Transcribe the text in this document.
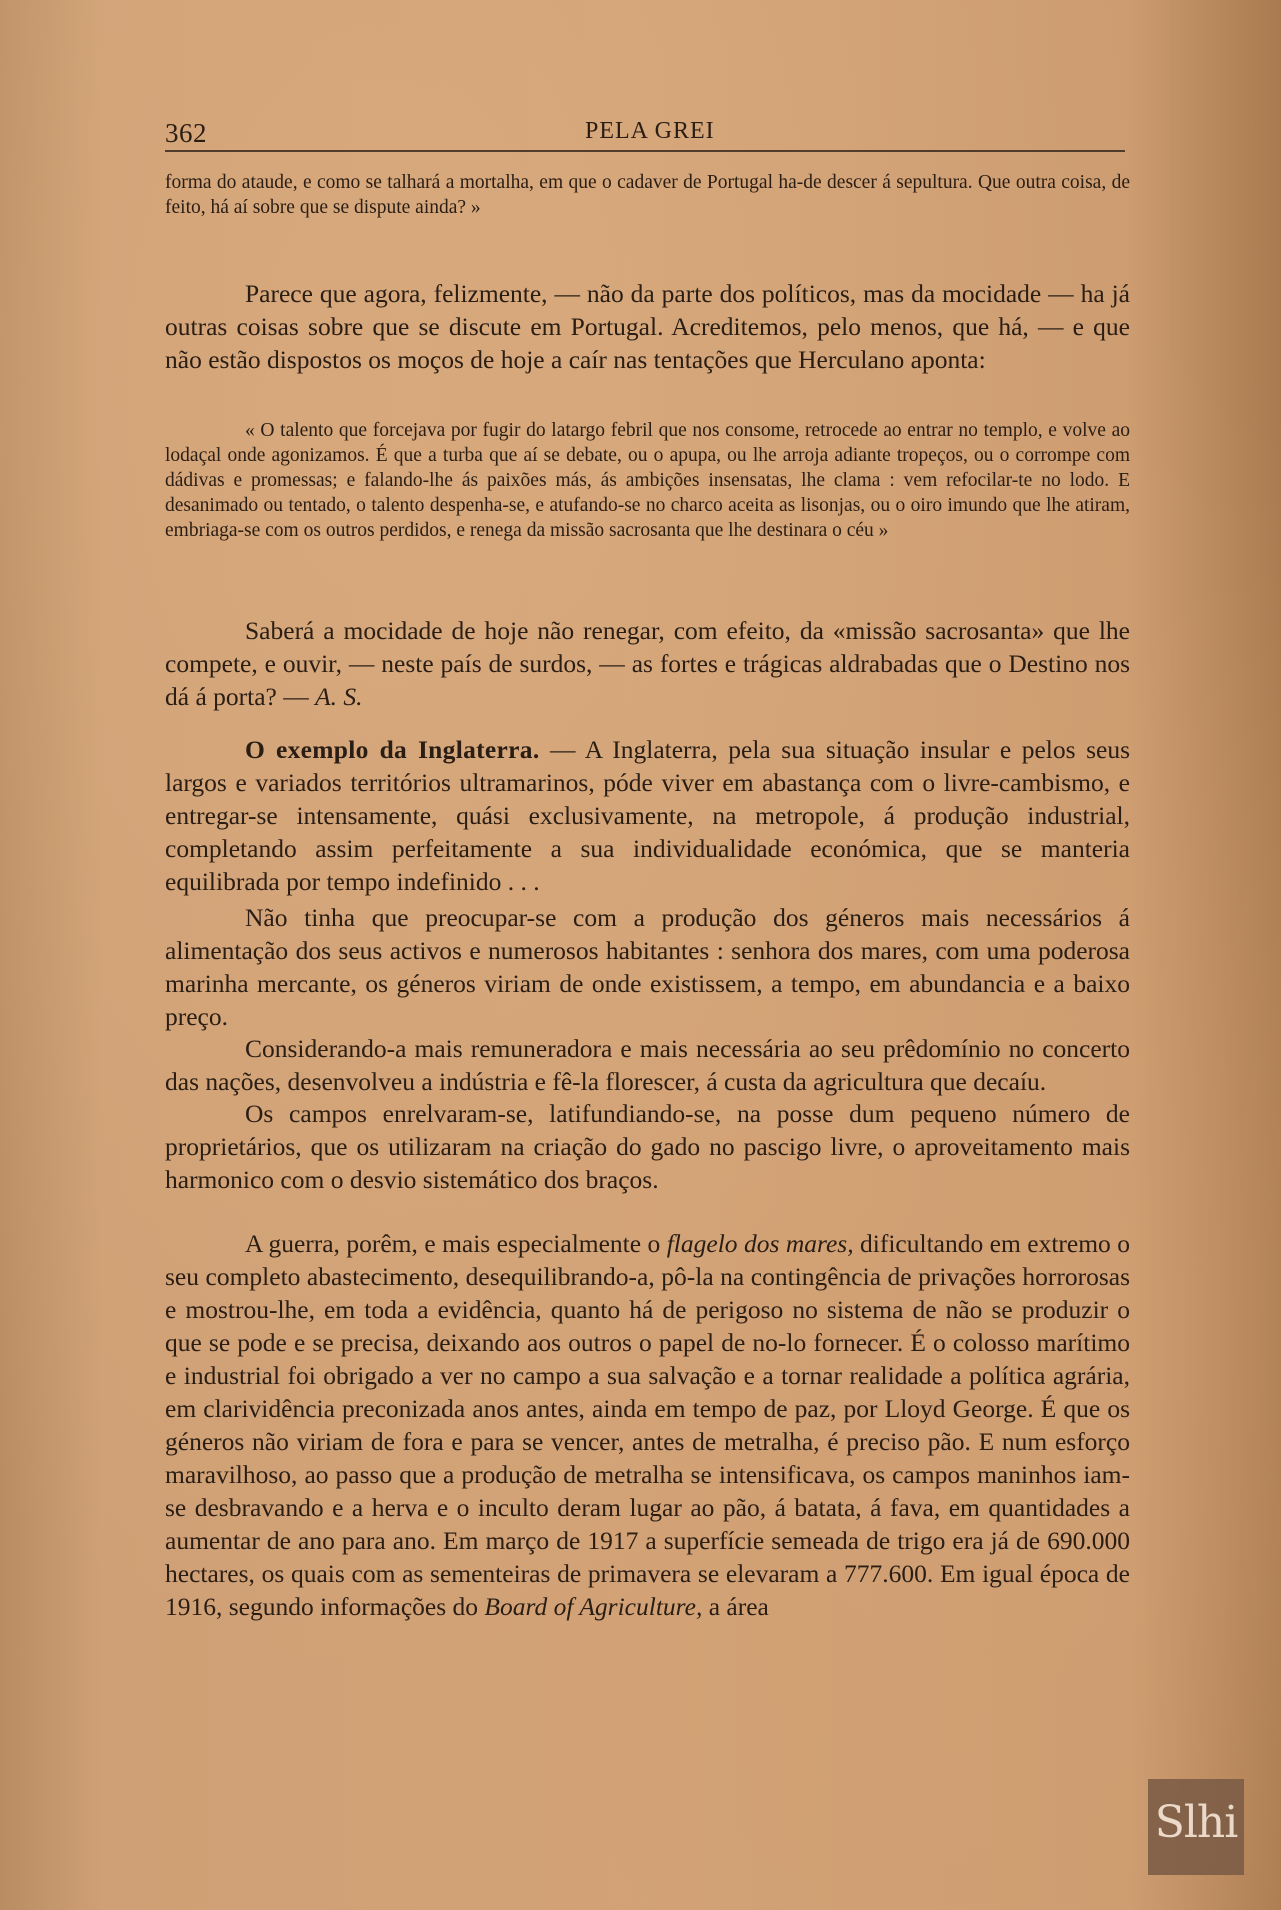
362	PELA GREI

forma do ataude, e como se talhará a mortalha, em que o cadaver de Portugal ha-de descer á sepultura. Que outra coisa, de feito, há aí sobre que se dispute ainda? »

Parece que agora, felizmente, — não da parte dos políticos, mas da mocidade — ha já outras coisas sobre que se discute em Portugal. Acreditemos, pelo menos, que há, — e que não estão dispostos os moços de hoje a caír nas tentações que Herculano aponta:

« O talento que forcejava por fugir do latargo febril que nos consome, retrocede ao entrar no templo, e volve ao lodaçal onde agonizamos. É que a turba que aí se debate, ou o apupa, ou lhe arroja adiante tropeços, ou o corrompe com dádivas e promessas; e falando-lhe ás paixões más, ás ambições insensatas, lhe clama : vem refocilar-te no lodo. E desanimado ou tentado, o talento despenha-se, e atufando-se no charco aceita as lisonjas, ou o oiro imundo que lhe atiram, embriaga-se com os outros perdidos, e renega da missão sacrosanta que lhe destinara o céu »

Saberá a mocidade de hoje não renegar, com efeito, da «missão sacrosanta» que lhe compete, e ouvir, — neste país de surdos, — as fortes e trágicas aldrabadas que o Destino nos dá á porta? — A. S.

O exemplo da Inglaterra. — A Inglaterra, pela sua situação insular e pelos seus largos e variados territórios ultramarinos, póde viver em abastança com o livre-cambismo, e entregar-se intensamente, quási exclusivamente, na metropole, á produção industrial, completando assim perfeitamente a sua individualidade económica, que se manteria equilibrada por tempo indefinido . . .

Não tinha que preocupar-se com a produção dos géneros mais necessários á alimentação dos seus activos e numerosos habitantes : senhora dos mares, com uma poderosa marinha mercante, os géneros viriam de onde existissem, a tempo, em abundancia e a baixo preço.

Considerando-a mais remuneradora e mais necessária ao seu prêdomínio no concerto das nações, desenvolveu a indústria e fê-la florescer, á custa da agricultura que decaíu.

Os campos enrelvaram-se, latifundiando-se, na posse dum pequeno número de proprietários, que os utilizaram na criação do gado no pascigo livre, o aproveitamento mais harmonico com o desvio sistemático dos braços.

A guerra, porêm, e mais especialmente o flagelo dos mares, dificultando em extremo o seu completo abastecimento, desequilibrando-a, pô-la na contingência de privações horrorosas e mostrou-lhe, em toda a evidência, quanto há de perigoso no sistema de não se produzir o que se pode e se precisa, deixando aos outros o papel de no-lo fornecer. É o colosso marítimo e industrial foi obrigado a ver no campo a sua salvação e a tornar realidade a política agrária, em clarividência preconizada anos antes, ainda em tempo de paz, por Lloyd George. É que os géneros não viriam de fora e para se vencer, antes de metralha, é preciso pão. E num esforço maravilhoso, ao passo que a produção de metralha se intensificava, os campos maninhos iam-se desbravando e a herva e o inculto deram lugar ao pão, á batata, á fava, em quantidades a aumentar de ano para ano. Em março de 1917 a superfície semeada de trigo era já de 690.000 hectares, os quais com as sementeiras de primavera se elevaram a 777.600. Em igual época de 1916, segundo informações do Board of Agriculture, a área

Slhi
